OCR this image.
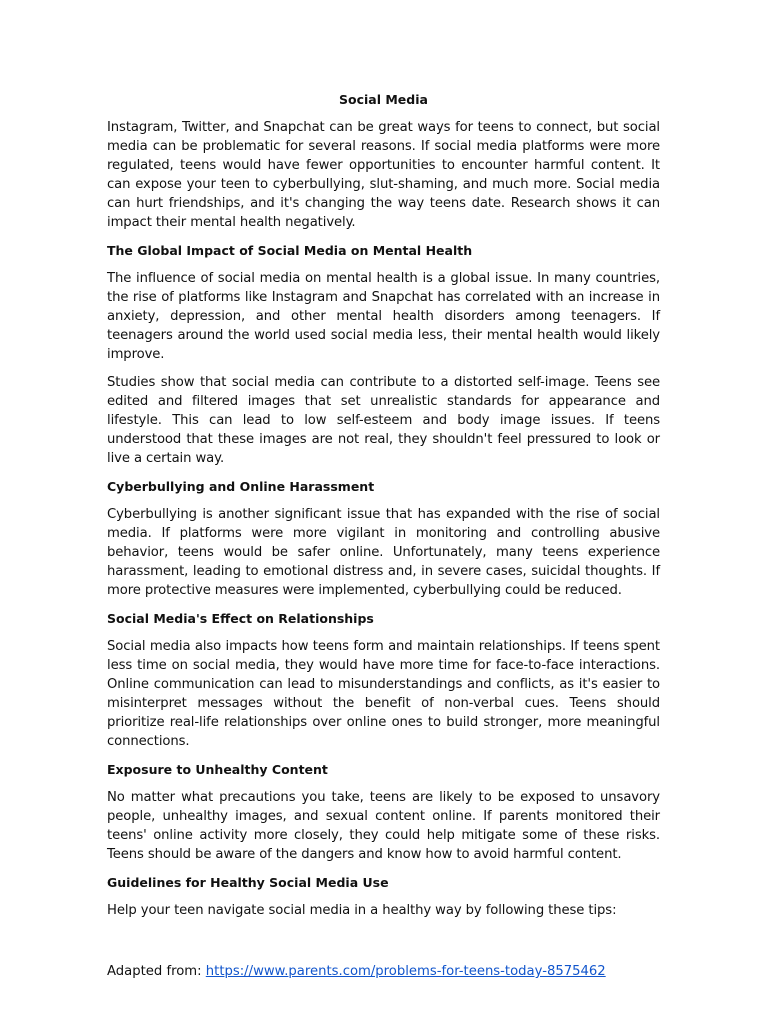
Social Media

Instagram, Twitter, and Snapchat can be great ways for teens to connect, but social media can be problematic for several reasons. If social media platforms were more regulated, teens would have fewer opportunities to encounter harmful content. It can expose your teen to cyberbullying, slut-shaming, and much more. Social media can hurt friendships, and it's changing the way teens date. Research shows it can impact their mental health negatively.

The Global Impact of Social Media on Mental Health

The influence of social media on mental health is a global issue. In many countries, the rise of platforms like Instagram and Snapchat has correlated with an increase in anxiety, depression, and other mental health disorders among teenagers. If teenagers around the world used social media less, their mental health would likely improve.

Studies show that social media can contribute to a distorted self-image. Teens see edited and filtered images that set unrealistic standards for appearance and lifestyle. This can lead to low self-esteem and body image issues. If teens understood that these images are not real, they shouldn't feel pressured to look or live a certain way.

Cyberbullying and Online Harassment

Cyberbullying is another significant issue that has expanded with the rise of social media. If platforms were more vigilant in monitoring and controlling abusive behavior, teens would be safer online. Unfortunately, many teens experience harassment, leading to emotional distress and, in severe cases, suicidal thoughts. If more protective measures were implemented, cyberbullying could be reduced.

Social Media's Effect on Relationships

Social media also impacts how teens form and maintain relationships. If teens spent less time on social media, they would have more time for face-to-face interactions. Online communication can lead to misunderstandings and conflicts, as it's easier to misinterpret messages without the benefit of non-verbal cues. Teens should prioritize real-life relationships over online ones to build stronger, more meaningful connections.

Exposure to Unhealthy Content

No matter what precautions you take, teens are likely to be exposed to unsavory people, unhealthy images, and sexual content online. If parents monitored their teens' online activity more closely, they could help mitigate some of these risks. Teens should be aware of the dangers and know how to avoid harmful content.

Guidelines for Healthy Social Media Use

Help your teen navigate social media in a healthy way by following these tips:

Adapted from: https://www.parents.com/problems-for-teens-today-8575462
